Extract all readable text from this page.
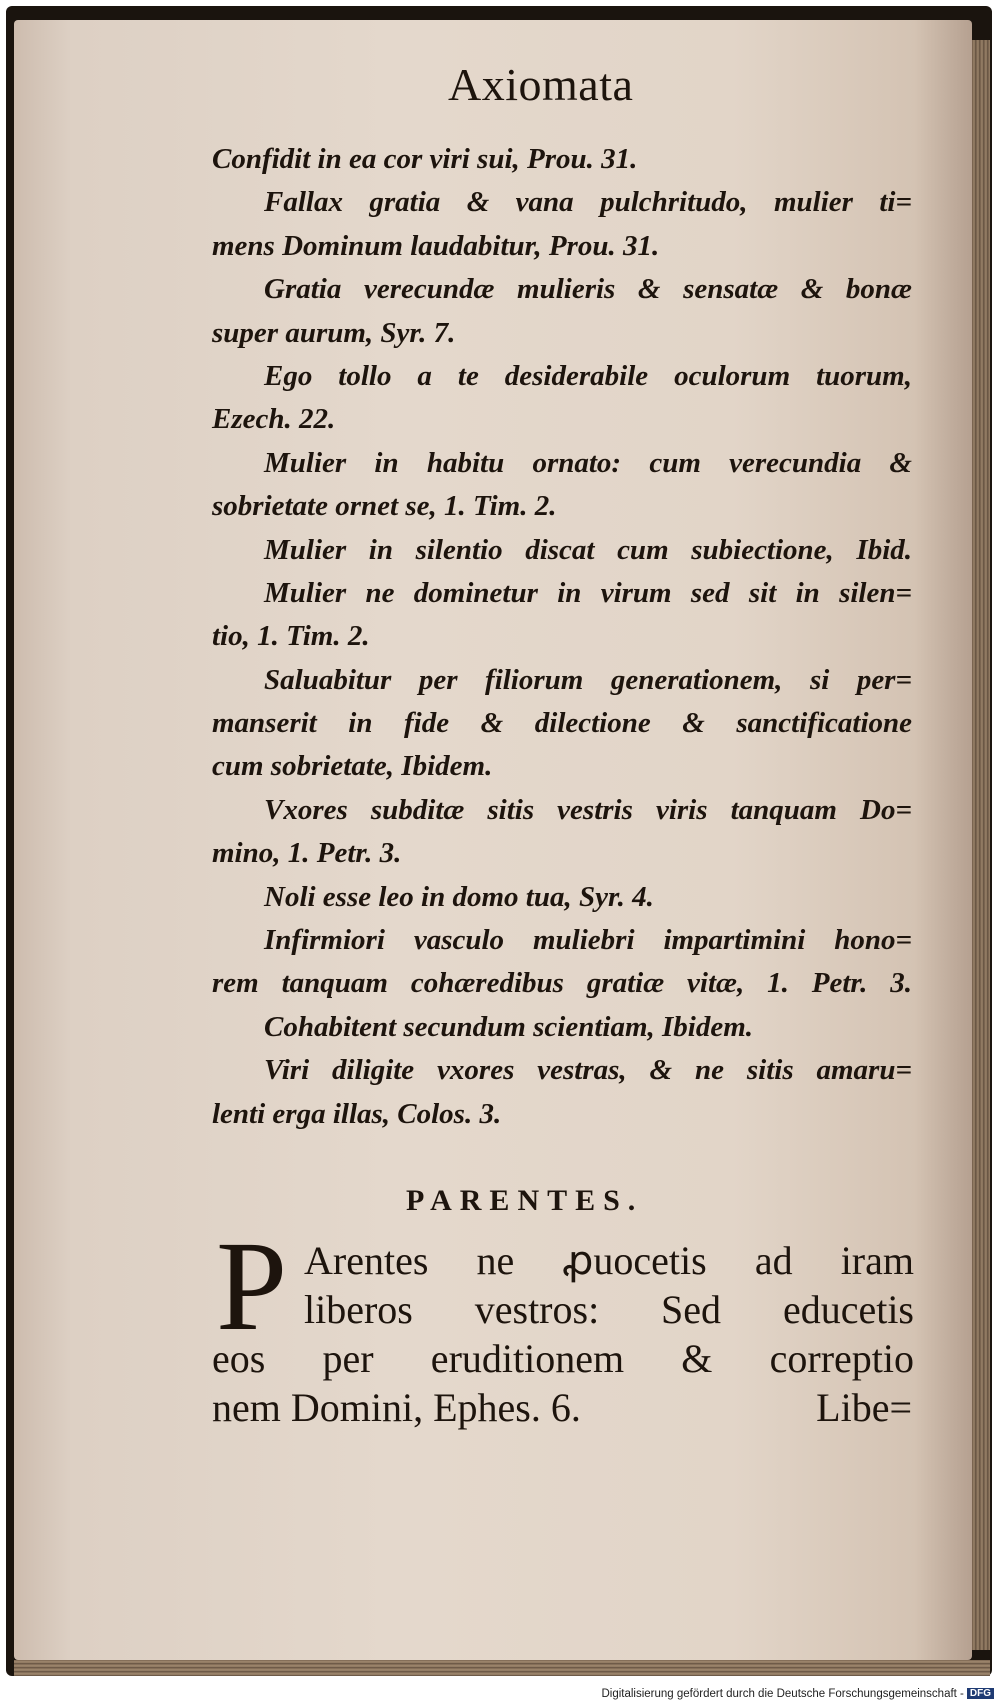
Axiomata
Confidit in ea cor viri sui, Prou. 31.
Fallax gratia & vana pulchritudo, mulier ti=
mens Dominum laudabitur, Prou. 31.
Gratia verecundæ mulieris & sensatæ & bonæ
super aurum, Syr. 7.
Ego tollo a te desiderabile oculorum tuorum,
Ezech. 22.
Mulier in habitu ornato: cum verecundia &
sobrietate ornet se, 1. Tim. 2.
Mulier in silentio discat cum subiectione, Ibid.
Mulier ne dominetur in virum sed sit in silen=
tio, 1. Tim. 2.
Saluabitur per filiorum generationem, si per=
manserit in fide & dilectione & sanctificatione
cum sobrietate, Ibidem.
Vxores subditæ sitis vestris viris tanquam Do=
mino, 1. Petr. 3.
Noli esse leo in domo tua, Syr. 4.
Infirmiori vasculo muliebri impartimini hono=
rem tanquam cohæredibus gratiæ vitæ, 1. Petr. 3.
Cohabitent secundum scientiam, Ibidem.
Viri diligite vxores vestras, & ne sitis amaru=
lenti erga illas, Colos. 3.
PARENTES.
P Arentes ne ꝓuocetis ad iram
liberos vestros: Sed educetis
eos per eruditionem & correptio
nem Domini, Ephes. 6.	Libe=
Digitalisierung gefördert durch die Deutsche Forschungsgemeinschaft - DFG
